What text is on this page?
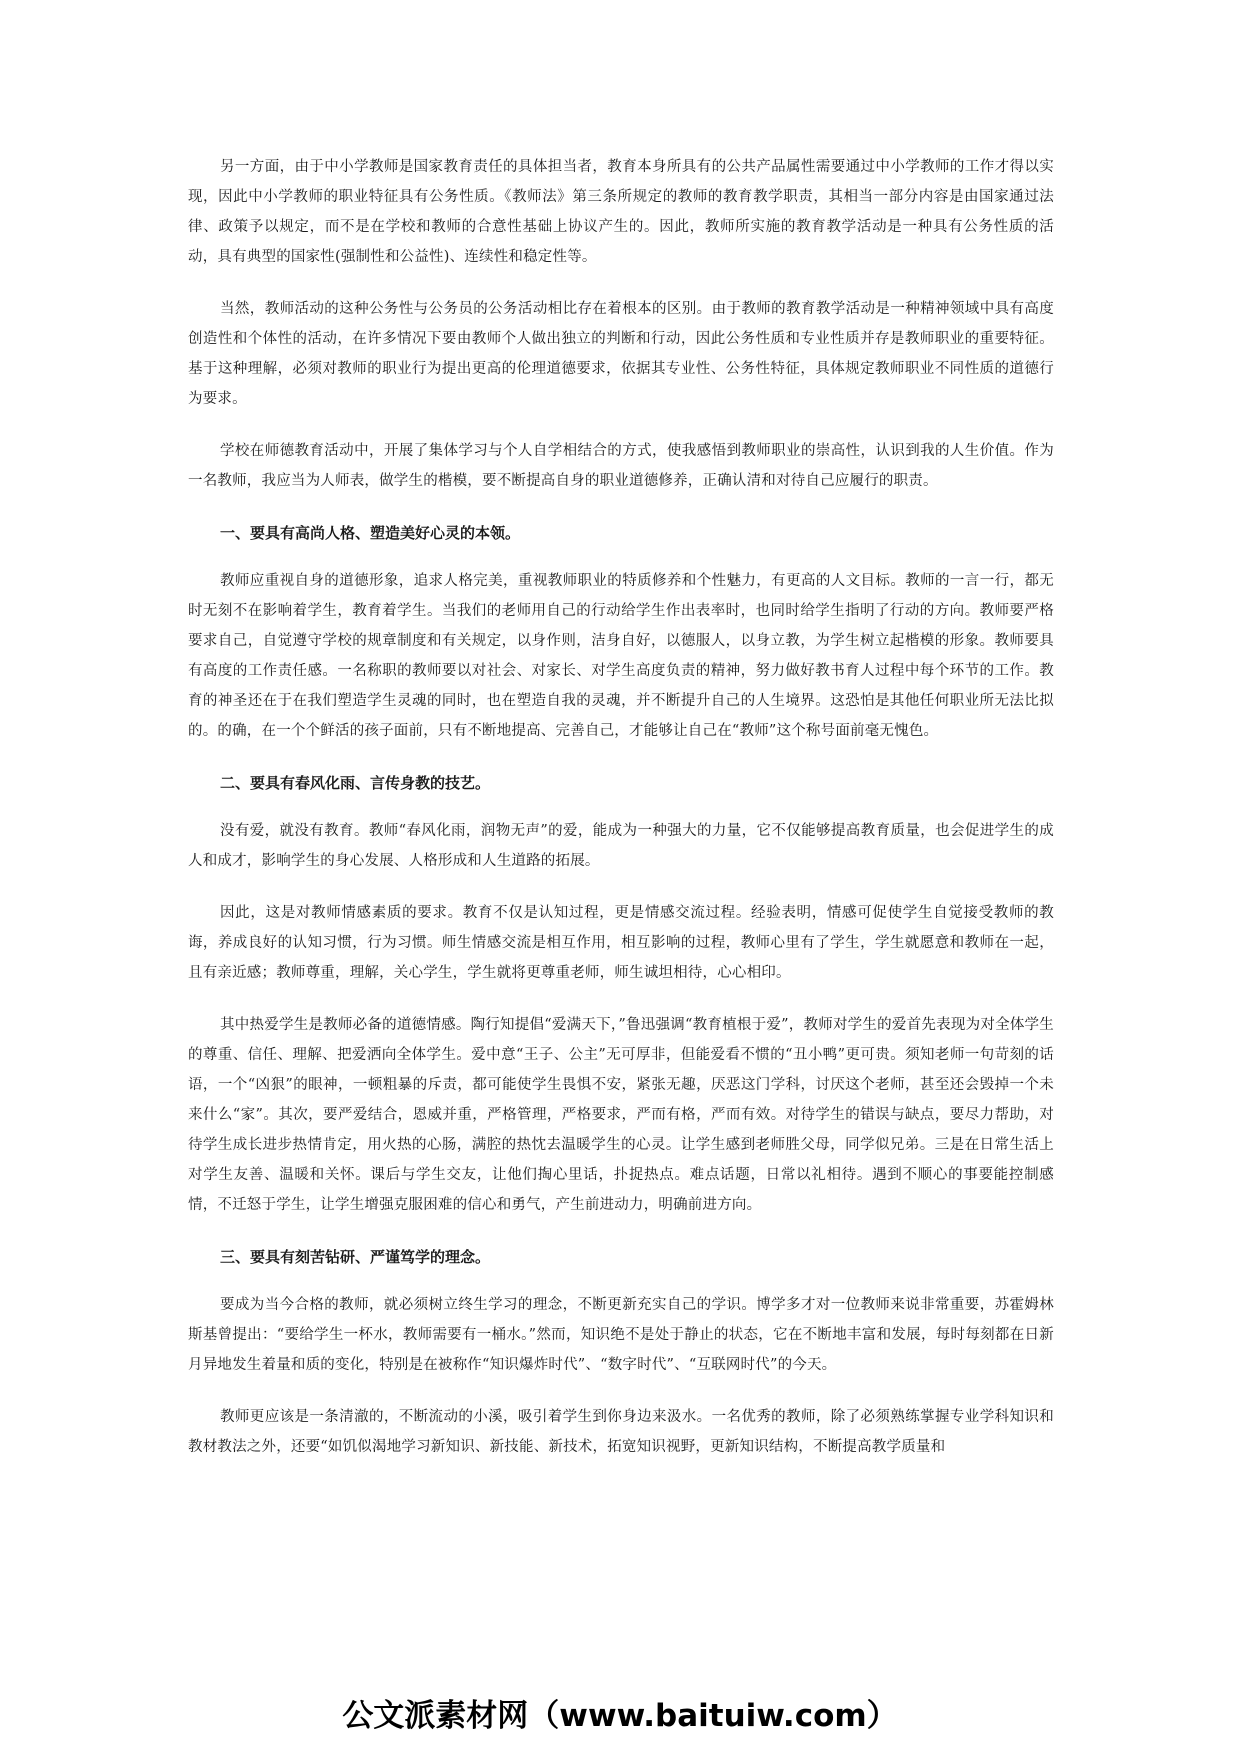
另一方面，由于中小学教师是国家教育责任的具体担当者，教育本身所具有的公共产品属性需要通过中小学教师的工作才得以实现，因此中小学教师的职业特征具有公务性质。《教师法》第三条所规定的教师的教育教学职责，其相当一部分内容是由国家通过法律、政策予以规定，而不是在学校和教师的合意性基础上协议产生的。因此，教师所实施的教育教学活动是一种具有公务性质的活动，具有典型的国家性(强制性和公益性)、连续性和稳定性等。

当然，教师活动的这种公务性与公务员的公务活动相比存在着根本的区别。由于教师的教育教学活动是一种精神领域中具有高度创造性和个体性的活动，在许多情况下要由教师个人做出独立的判断和行动，因此公务性质和专业性质并存是教师职业的重要特征。基于这种理解，必须对教师的职业行为提出更高的伦理道德要求，依据其专业性、公务性特征，具体规定教师职业不同性质的道德行为要求。

学校在师德教育活动中，开展了集体学习与个人自学相结合的方式，使我感悟到教师职业的崇高性，认识到我的人生价值。作为一名教师，我应当为人师表，做学生的楷模，要不断提高自身的职业道德修养，正确认清和对待自己应履行的职责。

一、要具有高尚人格、塑造美好心灵的本领。

教师应重视自身的道德形象，追求人格完美，重视教师职业的特质修养和个性魅力，有更高的人文目标。教师的一言一行，都无时无刻不在影响着学生，教育着学生。当我们的老师用自己的行动给学生作出表率时，也同时给学生指明了行动的方向。教师要严格要求自己，自觉遵守学校的规章制度和有关规定，以身作则，洁身自好，以德服人，以身立教，为学生树立起楷模的形象。教师要具有高度的工作责任感。一名称职的教师要以对社会、对家长、对学生高度负责的精神，努力做好教书育人过程中每个环节的工作。教育的神圣还在于在我们塑造学生灵魂的同时，也在塑造自我的灵魂，并不断提升自己的人生境界。这恐怕是其他任何职业所无法比拟的。的确，在一个个鲜活的孩子面前，只有不断地提高、完善自己，才能够让自己在“教师”这个称号面前毫无愧色。

二、要具有春风化雨、言传身教的技艺。

没有爱，就没有教育。教师“春风化雨，润物无声”的爱，能成为一种强大的力量，它不仅能够提高教育质量，也会促进学生的成人和成才，影响学生的身心发展、人格形成和人生道路的拓展。

因此，这是对教师情感素质的要求。教育不仅是认知过程，更是情感交流过程。经验表明，情感可促使学生自觉接受教师的教诲，养成良好的认知习惯，行为习惯。师生情感交流是相互作用，相互影响的过程，教师心里有了学生，学生就愿意和教师在一起，且有亲近感；教师尊重，理解，关心学生，学生就将更尊重老师，师生诚坦相待，心心相印。

其中热爱学生是教师必备的道德情感。陶行知提倡“爱满天下，”鲁迅强调“教育植根于爱”，教师对学生的爱首先表现为对全体学生的尊重、信任、理解、把爱洒向全体学生。爱中意“王子、公主”无可厚非，但能爱看不惯的“丑小鸭”更可贵。须知老师一句苛刻的话语，一个“凶狠”的眼神，一顿粗暴的斥责，都可能使学生畏惧不安，紧张无趣，厌恶这门学科，讨厌这个老师，甚至还会毁掉一个未来什么“家”。其次，要严爱结合，恩威并重，严格管理，严格要求，严而有格，严而有效。对待学生的错误与缺点，要尽力帮助，对待学生成长进步热情肯定，用火热的心肠，满腔的热忱去温暖学生的心灵。让学生感到老师胜父母，同学似兄弟。三是在日常生活上对学生友善、温暖和关怀。课后与学生交友，让他们掏心里话，扑捉热点。难点话题，日常以礼相待。遇到不顺心的事要能控制感情，不迁怒于学生，让学生增强克服困难的信心和勇气，产生前进动力，明确前进方向。

三、要具有刻苦钻研、严谨笃学的理念。

要成为当今合格的教师，就必须树立终生学习的理念，不断更新充实自己的学识。博学多才对一位教师来说非常重要，苏霍姆林斯基曾提出：“要给学生一杯水，教师需要有一桶水。”然而，知识绝不是处于静止的状态，它在不断地丰富和发展，每时每刻都在日新月异地发生着量和质的变化，特别是在被称作“知识爆炸时代”、“数字时代”、“互联网时代”的今天。

教师更应该是一条清澈的，不断流动的小溪，吸引着学生到你身边来汲水。一名优秀的教师，除了必须熟练掌握专业学科知识和教材教法之外，还要“如饥似渴地学习新知识、新技能、新技术，拓宽知识视野，更新知识结构，不断提高教学质量和

公文派素材网（www.baituiw.com）
